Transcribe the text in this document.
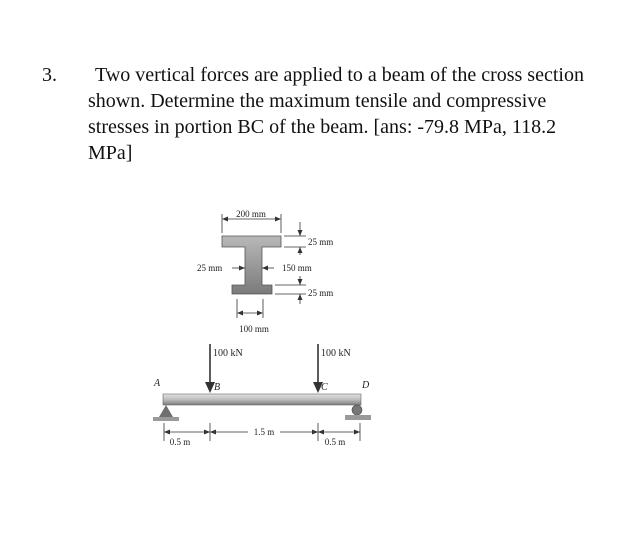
3.	Two vertical forces are applied to a beam of the cross section shown. Determine the maximum tensile and compressive stresses in portion BC of the beam. [ans: -79.8 MPa, 118.2 MPa]
200 mm
25 mm
150 mm
25 mm
25 mm
100 mm
100 kN	100 kN
A	B	C	D
1.5 m
0.5 m	0.5 m
